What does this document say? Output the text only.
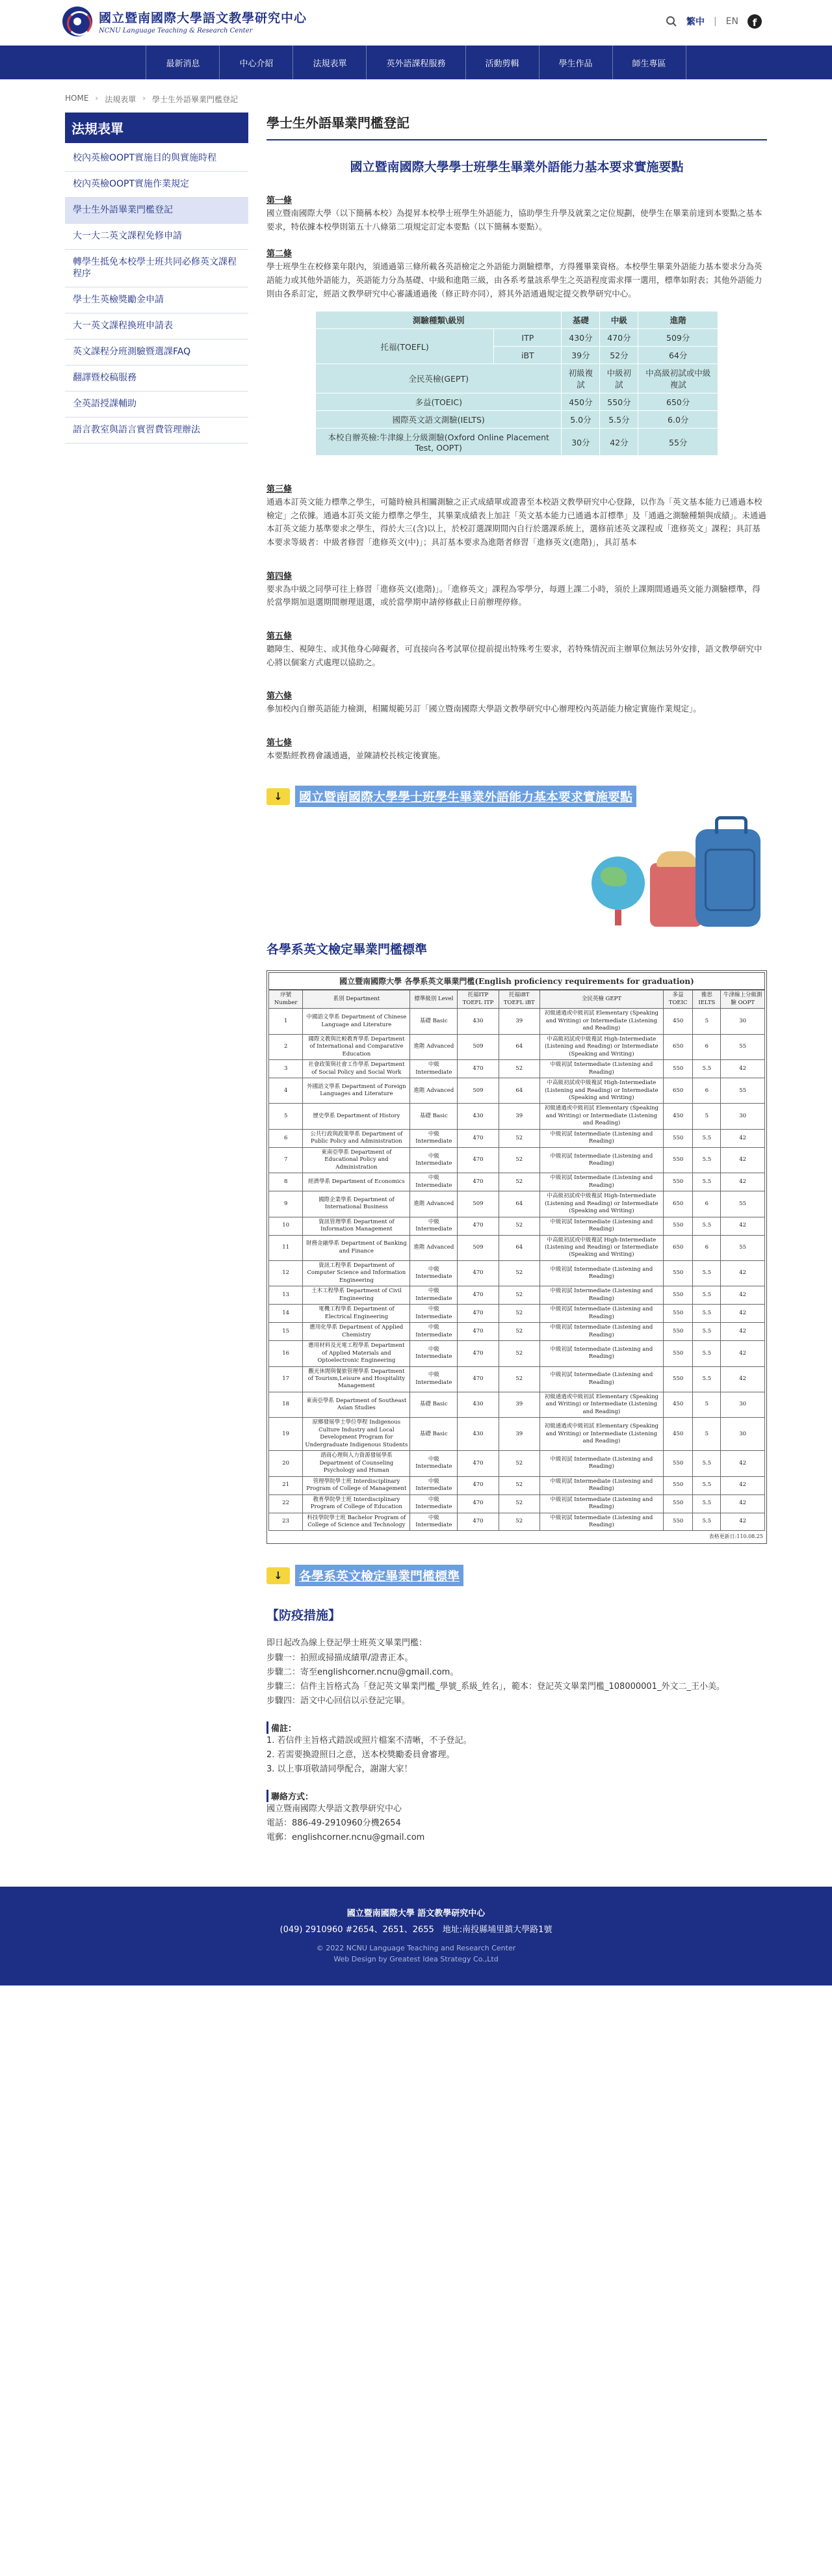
國立暨南國際大學語文教學研究中心
NCNU Language Teaching & Research Center
繁中 | EN	f
最新消息	中心介紹	法規表單	英外語課程服務	活動剪輯	學生作品	師生專區
HOME › 法規表單 › 學士生外語畢業門檻登記
法規表單
校內英檢OOPT實施目的與實施時程
校內英檢OOPT實施作業規定
學士生外語畢業門檻登記
大一大二英文課程免修申請
轉學生抵免本校學士班共同必修英文課程程序
學士生英檢獎勵金申請
大一英文課程換班申請表
英文課程分班測驗暨選課FAQ
翻譯暨校稿服務
全英語授課輔助
語言教室與語言實習費管理辦法
學士生外語畢業門檻登記
國立暨南國際大學學士班學生畢業外語能力基本要求實施要點
第一條
國立暨南國際大學（以下簡稱本校）為提昇本校學士班學生外語能力，協助學生升學及就業之定位規劃，使學生在畢業前達到本要點之基本要求，特依據本校學則第五十八條第二項規定訂定本要點（以下簡稱本要點）。
第二條
學士班學生在校修業年限內，須通過第三條所載各英語檢定之外語能力測驗標準，方得獲畢業資格。本校學生畢業外語能力基本要求分為英語能力或其他外語能力，英語能力分為基礎、中級和進階三級，由各系考量該系學生之英語程度需求擇一選用，標準如附表；其他外語能力則由各系訂定，經語文教學研究中心審議通過後（修正時亦同），將其外語通過規定提交教學研究中心。
測驗種類\級別		基礎	中級	進階
托福(TOEFL)	ITP	430分	470分	509分
	iBT	39分	52分	64分
全民英檢(GEPT)		初級複試	中級初試	中高級初試或中級複試
多益(TOEIC)		450分	550分	650分
國際英文語文測驗(IELTS)		5.0分	5.5分	6.0分
本校自辦英檢:牛津線上分級測驗(Oxford Online Placement Test, OOPT)		30分	42分	55分
第三條
通過本訂英文能力標準之學生，可隨時檢具相關測驗之正式成績單或證書至本校語文教學研究中心登錄，以作為「英文基本能力已通過本校檢定」之依據。通過本訂英文能力標準之學生，其畢業成績表上加註「英文基本能力已通過本訂標準」及「通過之測驗種類與成績」。未通過本訂英文能力基準要求之學生，得於大三(含)以上，於校訂選課期間內自行於選課系統上，選修前述英文課程或「進修英文」課程；具訂基本要求等級者：中級者修習「進修英文(中)」；具訂基本要求為進階者修習「進修英文(進階)」，具訂基本
第四條
要求為中級之同學可往上修習「進修英文(進階)」。「進修英文」課程為零學分，每週上課二小時，須於上課期間通過英文能力測驗標準，得於當學期加退選期間辦理退選，或於當學期申請停修截止日前辦理停修。
第五條
聽障生、視障生、或其他身心障礙者，可直接向各考試單位提前提出特殊考生要求，若特殊情況而主辦單位無法另外安排，語文教學研究中心將以個案方式處理以協助之。
第六條
參加校內自辦英語能力檢測，相關規範另訂「國立暨南國際大學語文教學研究中心辦理校內英語能力檢定實施作業規定」。
第七條
本要點經教務會議通過，並陳請校長核定後實施。
↓	國立暨南國際大學學士班學生畢業外語能力基本要求實施要點
各學系英文檢定畢業門檻標準
國立暨南國際大學 各學系英文畢業門檻(English proficiency requirements for graduation)
序號 Number	系別 Department	標準級別 Level	托福ITP TOEFL ITP	托福iBT TOEFL iBT	全民英檢 GEPT	多益 TOEIC	雅思 IELTS	牛津線上分級測驗 OOPT
1	中國語文學系 Department of Chinese Language and Literature	基礎 Basic	430	39	初級通過或中級初試 Elementary (Speaking and Writing) or Intermediate (Listening and Reading)	450	5	30
2	國際文教與比較教育學系 Department of International and Comparative Education	進階 Advanced	509	64	中高級初試或中級複試 High-Intermediate (Listening and Reading) or Intermediate (Speaking and Writing)	650	6	55
3	社會政策與社會工作學系 Department of Social Policy and Social Work	中級 Intermediate	470	52	中級初試 Intermediate (Listening and Reading)	550	5.5	42
4	外國語文學系 Department of Foreign Languages and Literature	進階 Advanced	509	64	中高級初試或中級複試 High-Intermediate (Listening and Reading) or Intermediate (Speaking and Writing)	650	6	55
5	歷史學系 Department of History	基礎 Basic	430	39	初級通過或中級初試 Elementary (Speaking and Writing) or Intermediate (Listening and Reading)	450	5	30
6	公共行政與政策學系 Department of Public Policy and Administration	中級 Intermediate	470	52	中級初試 Intermediate (Listening and Reading)	550	5.5	42
7	東南亞學系 Department of Educational Policy and Administration	中級 Intermediate	470	52	中級初試 Intermediate (Listening and Reading)	550	5.5	42
8	經濟學系 Department of Economics	中級 Intermediate	470	52	中級初試 Intermediate (Listening and Reading)	550	5.5	42
9	國際企業學系 Department of International Business	進階 Advanced	509	64	中高級初試或中級複試 High-Intermediate (Listening and Reading) or Intermediate (Speaking and Writing)	650	6	55
10	資訊管理學系 Department of Information Management	中級 Intermediate	470	52	中級初試 Intermediate (Listening and Reading)	550	5.5	42
11	財務金融學系 Department of Banking and Finance	進階 Advanced	509	64	中高級初試或中級複試 High-Intermediate (Listening and Reading) or Intermediate (Speaking and Writing)	650	6	55
12	資訊工程學系 Department of Computer Science and Information Engineering	中級 Intermediate	470	52	中級初試 Intermediate (Listening and Reading)	550	5.5	42
13	土木工程學系 Department of Civil Engineering	中級 Intermediate	470	52	中級初試 Intermediate (Listening and Reading)	550	5.5	42
14	電機工程學系 Department of Electrical Engineering	中級 Intermediate	470	52	中級初試 Intermediate (Listening and Reading)	550	5.5	42
15	應用化學系 Department of Applied Chemistry	中級 Intermediate	470	52	中級初試 Intermediate (Listening and Reading)	550	5.5	42
16	應用材料及光電工程學系 Department of Applied Materials and Optoelectronic Engineering	中級 Intermediate	470	52	中級初試 Intermediate (Listening and Reading)	550	5.5	42
17	觀光休閒與餐旅管理學系 Department of Tourism,Leisure and Hospitality Management	中級 Intermediate	470	52	中級初試 Intermediate (Listening and Reading)	550	5.5	42
18	東南亞學系 Department of Southeast Asian Studies	基礎 Basic	430	39	初級通過或中級初試 Elementary (Speaking and Writing) or Intermediate (Listening and Reading)	450	5	30
19	原鄉發展學士學位學程 Indigenous Culture Industry and Local Development Program for Undergraduate Indigenous Students	基礎 Basic	430	39	初級通過或中級初試 Elementary (Speaking and Writing) or Intermediate (Listening and Reading)	450	5	30
20	諮商心理與人力資源發展學系 Department of Counseling Psychology and Human	中級 Intermediate	470	52	中級初試 Intermediate (Listening and Reading)	550	5.5	42
21	管理學院學士班 Interdisciplinary Program of College of Management	中級 Intermediate	470	52	中級初試 Intermediate (Listening and Reading)	550	5.5	42
22	教育學院學士班 Interdisciplinary Program of College of Education	中級 Intermediate	470	52	中級初試 Intermediate (Listening and Reading)	550	5.5	42
23	科技學院學士班 Bachelor Program of College of Science and Technology	中級 Intermediate	470	52	中級初試 Intermediate (Listening and Reading)	550	5.5	42
表格更新日:110.08.25
↓	各學系英文檢定畢業門檻標準
【防疫措施】

即日起改為線上登記學士班英文畢業門檻：

步驟一：拍照或掃描成績單/證書正本。

步驟二：寄至englishcorner.ncnu@gmail.com。

步驟三：信件主旨格式為「登記英文畢業門檻_學號_系級_姓名」，範本：登記英文畢業門檻_108000001_外文二_王小美。

步驟四：語文中心回信以示登記完畢。

備註：

1. 若信件主旨格式錯誤或照片檔案不清晰，不予登記。

2. 若需要換證照日之意，送本校獎勵委員會審理。

3. 以上事項敬請同學配合，謝謝大家！

聯絡方式：

國立暨南國際大學語文教學研究中心

電話：886-49-2910960分機2654

電郵：englishcorner.ncnu@gmail.com

國立暨南國際大學 語文教學研究中心
(049) 2910960 #2654、2651、2655　地址:南投縣埔里鎮大學路1號
© 2022 NCNU Language Teaching and Research Center
Web Design by Greatest Idea Strategy Co.,Ltd
